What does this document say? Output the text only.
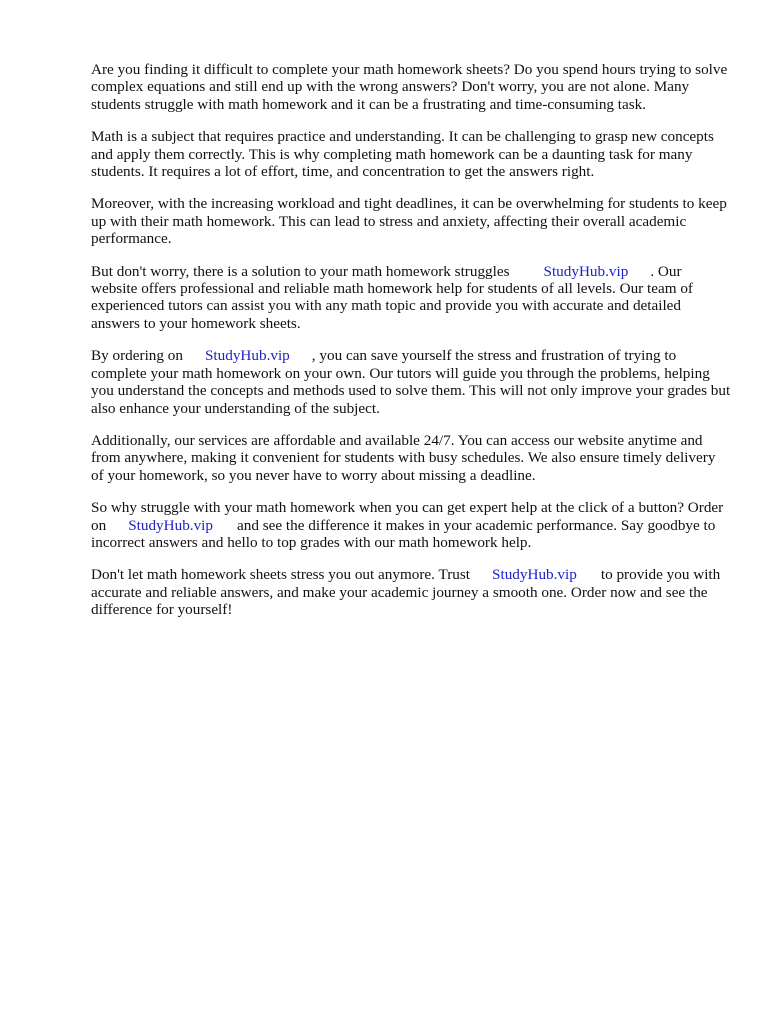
Are you finding it difficult to complete your math homework sheets? Do you spend hours trying to solve complex equations and still end up with the wrong answers? Don't worry, you are not alone. Many students struggle with math homework and it can be a frustrating and time-consuming task.

Math is a subject that requires practice and understanding. It can be challenging to grasp new concepts and apply them correctly. This is why completing math homework can be a daunting task for many students. It requires a lot of effort, time, and concentration to get the answers right.

Moreover, with the increasing workload and tight deadlines, it can be overwhelming for students to keep up with their math homework. This can lead to stress and anxiety, affecting their overall academic performance.

But don't worry, there is a solution to your math homework struggles StudyHub.vip . Our website offers professional and reliable math homework help for students of all levels. Our team of experienced tutors can assist you with any math topic and provide you with accurate and detailed answers to your homework sheets.

By ordering on StudyHub.vip , you can save yourself the stress and frustration of trying to complete your math homework on your own. Our tutors will guide you through the problems, helping you understand the concepts and methods used to solve them. This will not only improve your grades but also enhance your understanding of the subject.

Additionally, our services are affordable and available 24/7. You can access our website anytime and from anywhere, making it convenient for students with busy schedules. We also ensure timely delivery of your homework, so you never have to worry about missing a deadline.

So why struggle with your math homework when you can get expert help at the click of a button? Order on StudyHub.vip and see the difference it makes in your academic performance. Say goodbye to incorrect answers and hello to top grades with our math homework help.

Don't let math homework sheets stress you out anymore. Trust StudyHub.vip to provide you with accurate and reliable answers, and make your academic journey a smooth one. Order now and see the difference for yourself!
